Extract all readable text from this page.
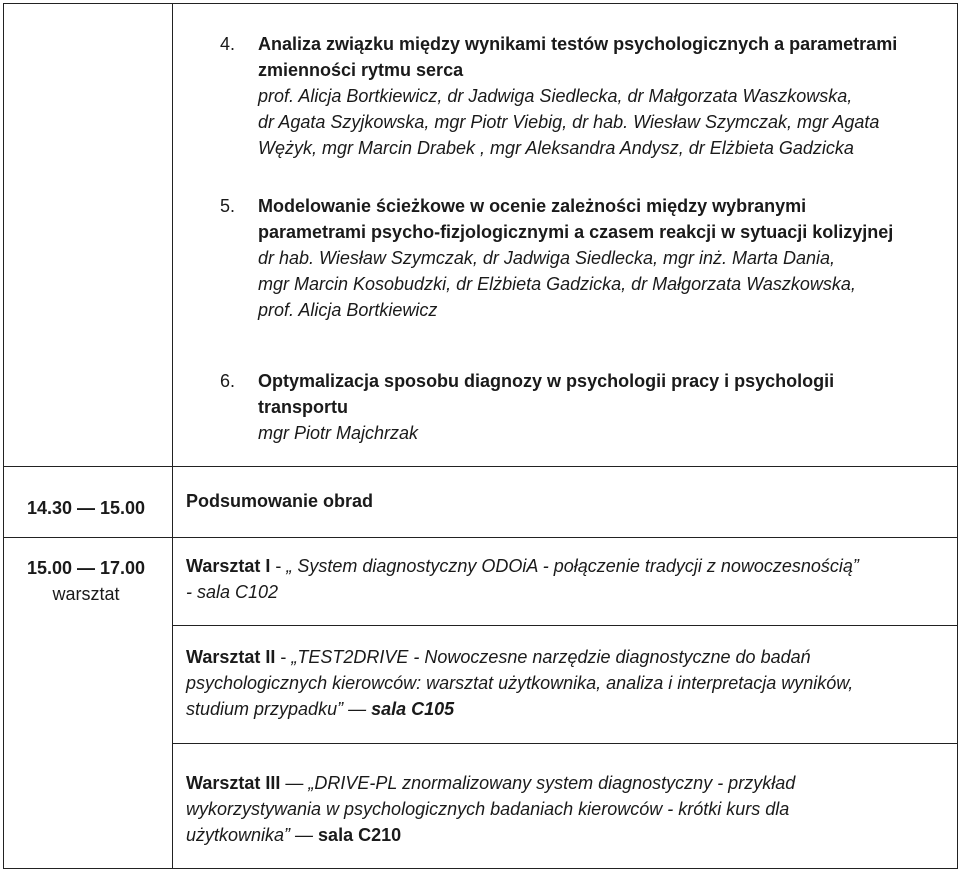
4. Analiza związku między wynikami testów psychologicznych a parametrami
zmienności rytmu serca
prof. Alicja Bortkiewicz, dr Jadwiga Siedlecka, dr Małgorzata Waszkowska,
dr Agata Szyjkowska, mgr Piotr Viebig, dr hab. Wiesław Szymczak, mgr Agata
Wężyk, mgr Marcin Drabek , mgr Aleksandra Andysz, dr Elżbieta Gadzicka
5. Modelowanie ścieżkowe w ocenie zależności między wybranymi
parametrami psycho-fizjologicznymi a czasem reakcji w sytuacji kolizyjnej
dr hab. Wiesław Szymczak, dr Jadwiga Siedlecka, mgr inż. Marta Dania,
mgr Marcin Kosobudzki, dr Elżbieta Gadzicka, dr Małgorzata Waszkowska,
prof. Alicja Bortkiewicz
6. Optymalizacja sposobu diagnozy w psychologii pracy i psychologii
transportu
mgr Piotr Majchrzak
14.30 — 15.00	Podsumowanie obrad
15.00 — 17.00
warsztat
Warsztat I - „ System diagnostyczny ODOiA - połączenie tradycji z nowoczesnością”
- sala C102
Warsztat II - „TEST2DRIVE - Nowoczesne narzędzie diagnostyczne do badań
psychologicznych kierowców: warsztat użytkownika, analiza i interpretacja wyników,
studium przypadku” — sala C105
Warsztat III — „DRIVE-PL znormalizowany system diagnostyczny - przykład
wykorzystywania w psychologicznych badaniach kierowców - krótki kurs dla
użytkownika” — sala C210
